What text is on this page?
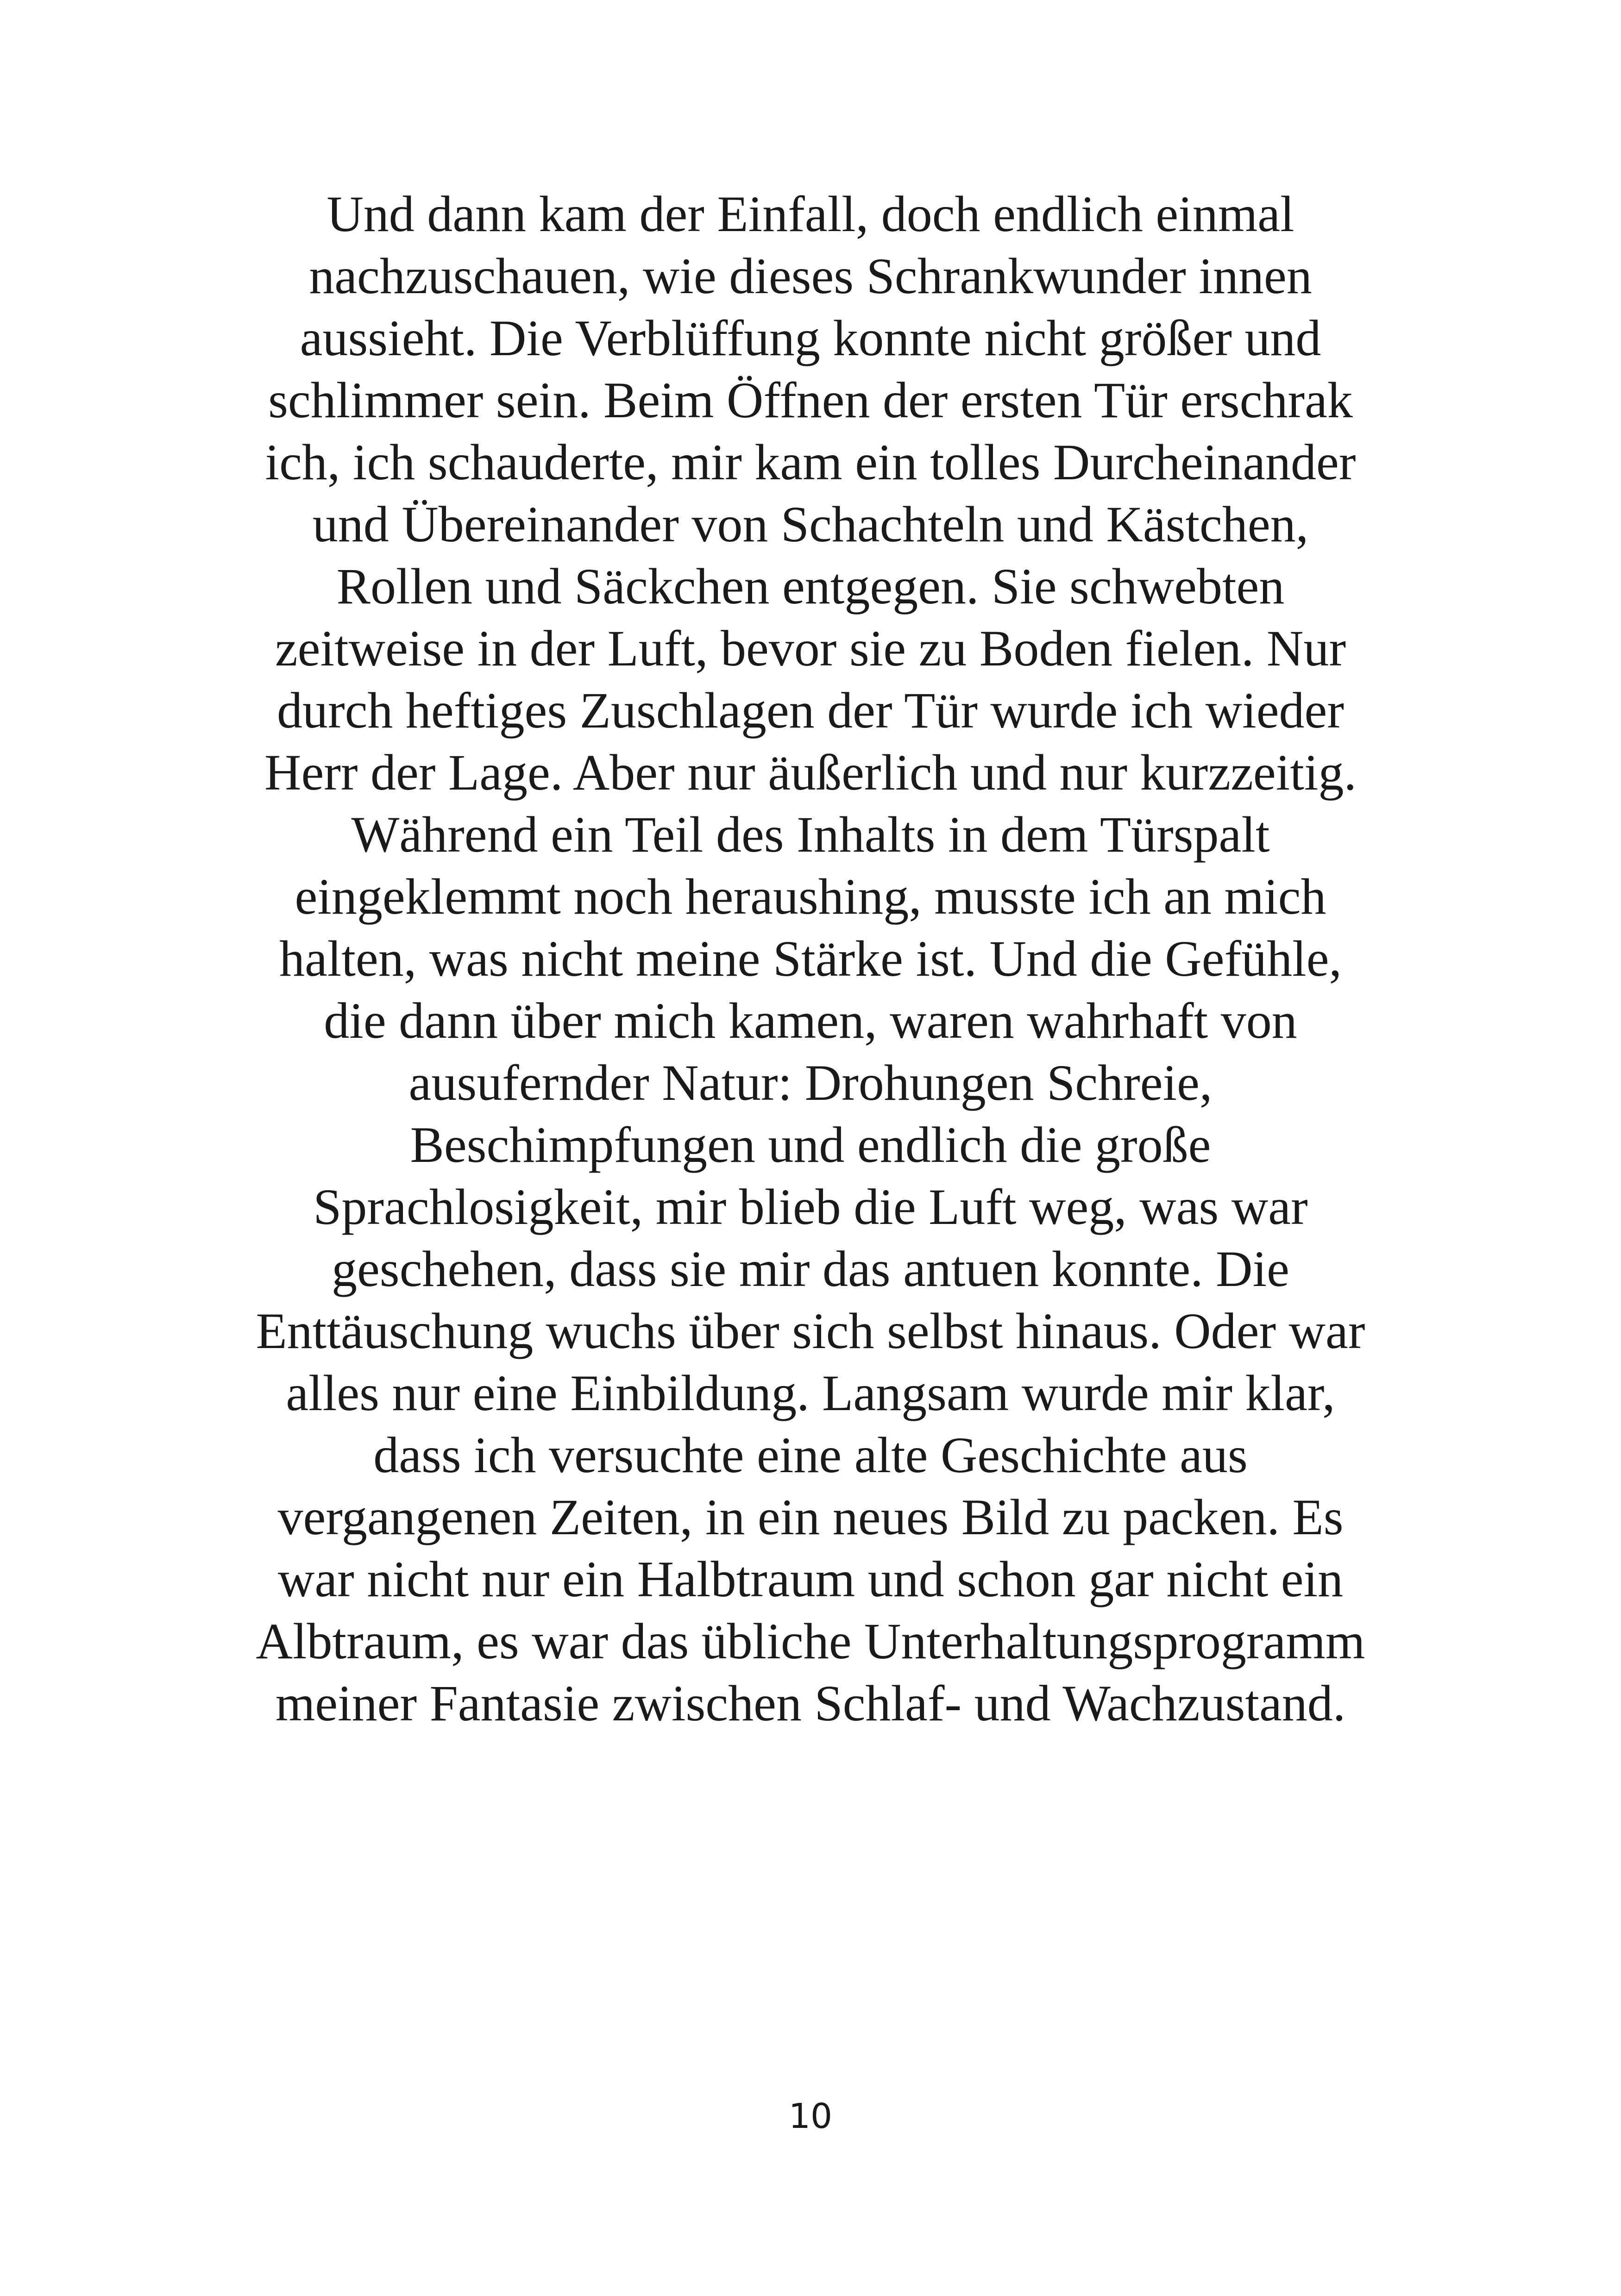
Und dann kam der Einfall, doch endlich einmal
nachzuschauen, wie dieses Schrankwunder innen
aussieht. Die Verblüffung konnte nicht größer und
schlimmer sein. Beim Öffnen der ersten Tür erschrak
ich, ich schauderte, mir kam ein tolles Durcheinander
und Übereinander von Schachteln und Kästchen,
Rollen und Säckchen entgegen. Sie schwebten
zeitweise in der Luft, bevor sie zu Boden fielen. Nur
durch heftiges Zuschlagen der Tür wurde ich wieder
Herr der Lage. Aber nur äußerlich und nur kurzzeitig.
Während ein Teil des Inhalts in dem Türspalt
eingeklemmt noch heraushing, musste ich an mich
halten, was nicht meine Stärke ist. Und die Gefühle,
die dann über mich kamen, waren wahrhaft von
ausufernder Natur: Drohungen Schreie,
Beschimpfungen und endlich die große
Sprachlosigkeit, mir blieb die Luft weg, was war
geschehen, dass sie mir das antuen konnte. Die
Enttäuschung wuchs über sich selbst hinaus. Oder war
alles nur eine Einbildung. Langsam wurde mir klar,
dass ich versuchte eine alte Geschichte aus
vergangenen Zeiten, in ein neues Bild zu packen. Es
war nicht nur ein Halbtraum und schon gar nicht ein
Albtraum, es war das übliche Unterhaltungsprogramm
meiner Fantasie zwischen Schlaf- und Wachzustand.
10
